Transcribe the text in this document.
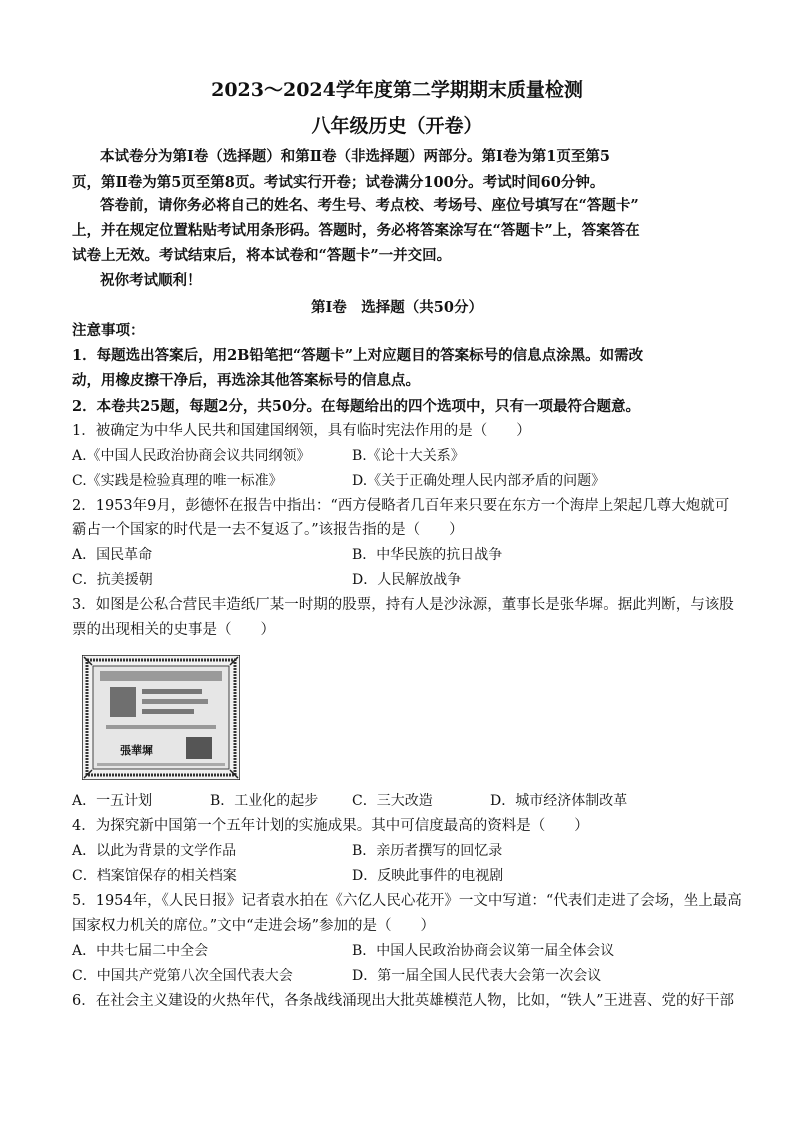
2023～2024学年度第二学期期末质量检测
八年级历史（开卷）
本试卷分为第Ⅰ卷（选择题）和第Ⅱ卷（非选择题）两部分。第Ⅰ卷为第1页至第5
页，第Ⅱ卷为第5页至第8页。考试实行开卷；试卷满分100分。考试时间60分钟。
答卷前，请你务必将自己的姓名、考生号、考点校、考场号、座位号填写在“答题卡”
上，并在规定位置粘贴考试用条形码。答题时，务必将答案涂写在“答题卡”上，答案答在
试卷上无效。考试结束后，将本试卷和“答题卡”一并交回。
祝你考试顺利！
第Ⅰ卷　选择题（共50分）
注意事项：
1．每题选出答案后，用2B铅笔把“答题卡”上对应题目的答案标号的信息点涂黑。如需改
动，用橡皮擦干净后，再选涂其他答案标号的信息点。
2．本卷共25题，每题2分，共50分。在每题给出的四个选项中，只有一项最符合题意。
1．被确定为中华人民共和国建国纲领，具有临时宪法作用的是（　　）
A.《中国人民政治协商会议共同纲领》	B.《论十大关系》
C.《实践是检验真理的唯一标准》	D.《关于正确处理人民内部矛盾的问题》
2．1953年9月，彭德怀在报告中指出：“西方侵略者几百年来只要在东方一个海岸上架起几尊大炮就可
霸占一个国家的时代是一去不复返了。”该报告指的是（　　）
A．国民革命	B．中华民族的抗日战争
C．抗美援朝	D．人民解放战争
3．如图是公私合营民丰造纸厂某一时期的股票，持有人是沙泳源，董事长是张华墀。据此判断，与该股
票的出现相关的史事是（　　）
張華墀
A．一五计划	B．工业化的起步 C．三大改造	D．城市经济体制改革
4．为探究新中国第一个五年计划的实施成果。其中可信度最高的资料是（　　）
A．以此为背景的文学作品	B．亲历者撰写的回忆录
C．档案馆保存的相关档案	D．反映此事件的电视剧
5．1954年，《人民日报》记者袁水拍在《六亿人民心花开》一文中写道：“代表们走进了会场，坐上最高
国家权力机关的席位。”文中“走进会场”参加的是（　　）
A．中共七届二中全会	B．中国人民政治协商会议第一届全体会议
C．中国共产党第八次全国代表大会	D．第一届全国人民代表大会第一次会议
6．在社会主义建设的火热年代，各条战线涌现出大批英雄模范人物，比如，“铁人”王进喜、党的好干部
